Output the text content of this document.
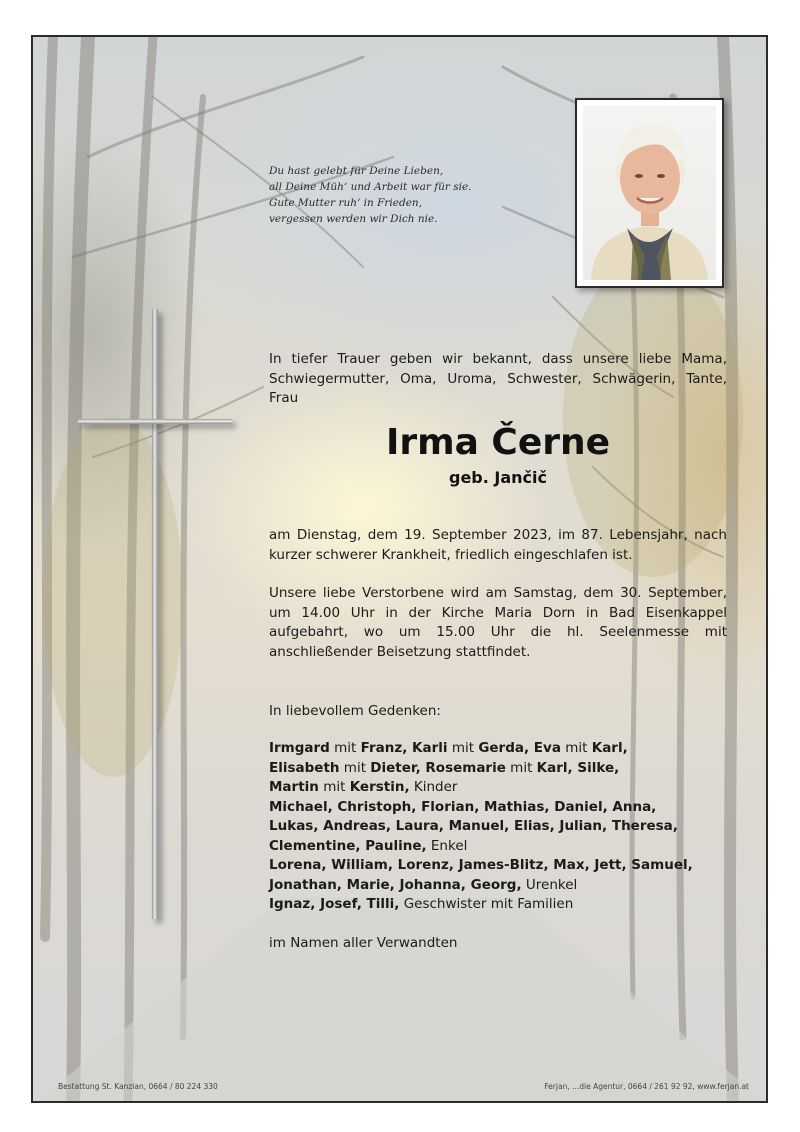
Du hast gelebt für Deine Lieben,
all Deine Müh‘ und Arbeit war für sie.
Gute Mutter ruh‘ in Frieden,
vergessen werden wir Dich nie.
In tiefer Trauer geben wir bekannt, dass unsere liebe Mama, Schwiegermutter, Oma, Uroma, Schwester, Schwägerin, Tante, Frau
Irma Černe
geb. Jančič
am Dienstag, dem 19. September 2023, im 87. Lebensjahr, nach kurzer schwerer Krankheit, friedlich eingeschlafen ist.
Unsere liebe Verstorbene wird am Samstag, dem 30. September, um 14.00 Uhr in der Kirche Maria Dorn in Bad Eisenkappel aufgebahrt, wo um 15.00 Uhr die hl. Seelenmesse mit anschließender Beisetzung stattfindet.
In liebevollem Gedenken:
Irmgard mit Franz, Karli mit Gerda, Eva mit Karl,
Elisabeth mit Dieter, Rosemarie mit Karl, Silke,
Martin mit Kerstin, Kinder
Michael, Christoph, Florian, Mathias, Daniel, Anna,
Lukas, Andreas, Laura, Manuel, Elias, Julian, Theresa,
Clementine, Pauline, Enkel
Lorena, William, Lorenz, James-Blitz, Max, Jett, Samuel,
Jonathan, Marie, Johanna, Georg, Urenkel
Ignaz, Josef, Tilli, Geschwister mit Familien
im Namen aller Verwandten
Bestattung St. Kanzian, 0664 / 80 224 330	Ferjan, ...die Agentur, 0664 / 261 92 92, www.ferjan.at
